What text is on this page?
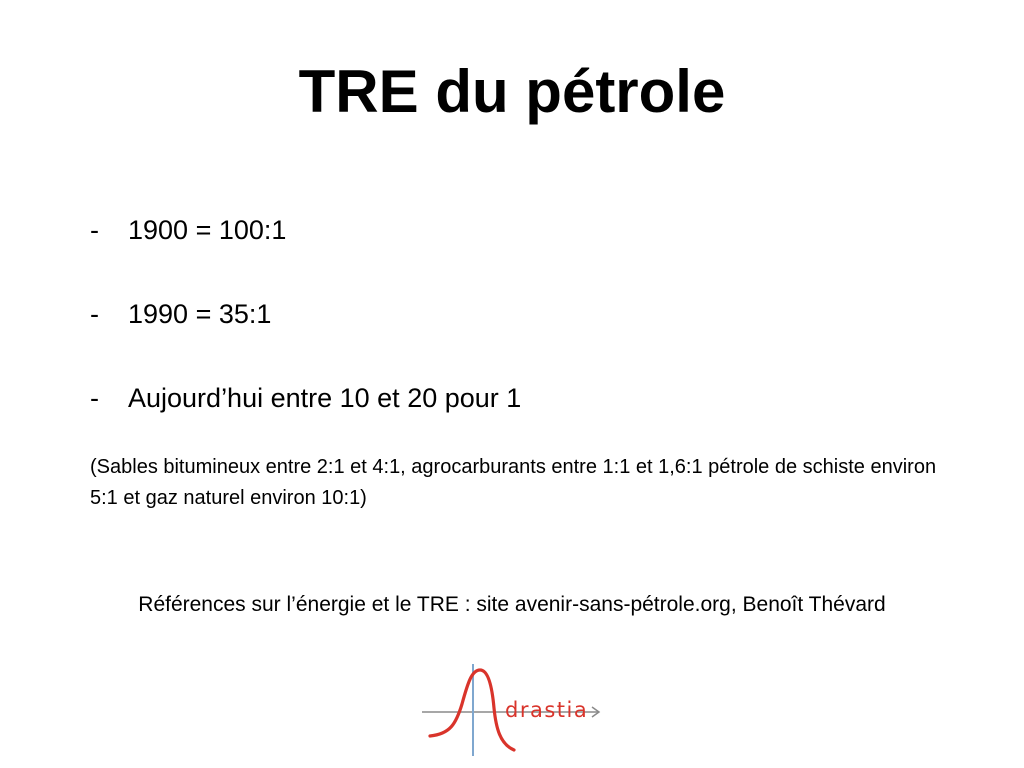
TRE du pétrole
-	1900 = 100:1
-	1990 = 35:1
-	Aujourd’hui entre 10 et 20 pour 1

(Sables bitumineux entre 2:1 et 4:1, agrocarburants entre 1:1 et 1,6:1 pétrole de schiste environ 5:1 et gaz naturel environ 10:1)

Références sur l’énergie et le TRE : site avenir-sans-pétrole.org, Benoît Thévard

drastia
